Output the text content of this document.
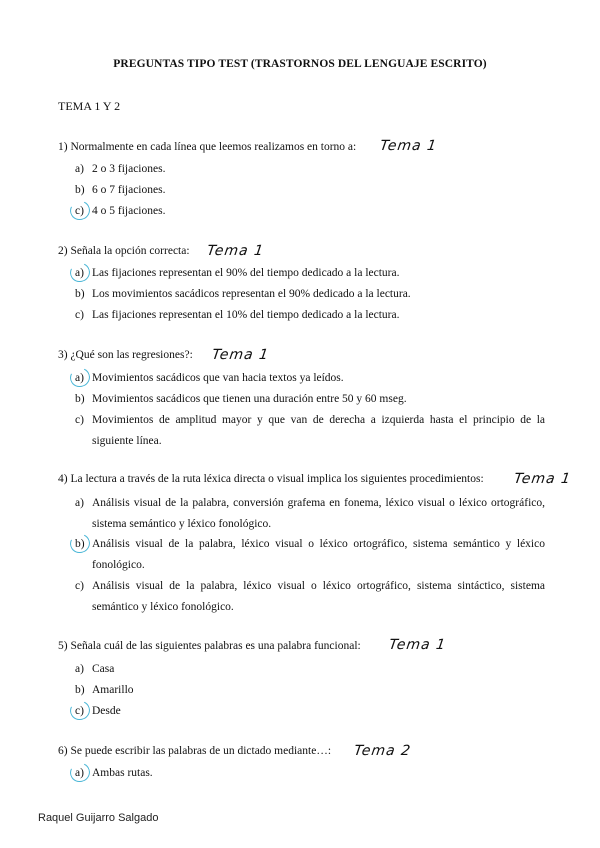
PREGUNTAS TIPO TEST (TRASTORNOS DEL LENGUAJE ESCRITO)
TEMA 1 Y 2
1) Normalmente en cada línea que leemos realizamos en torno a: Tema 1
a) 2 o 3 fijaciones.
b) 6 o 7 fijaciones.
c) 4 o 5 fijaciones.
2) Señala la opción correcta: Tema 1
a) Las fijaciones representan el 90% del tiempo dedicado a la lectura.
b) Los movimientos sacádicos representan el 90% dedicado a la lectura.
c) Las fijaciones representan el 10% del tiempo dedicado a la lectura.
3) ¿Qué son las regresiones?: Tema 1
a) Movimientos sacádicos que van hacia textos ya leídos.
b) Movimientos sacádicos que tienen una duración entre 50 y 60 mseg.
c) Movimientos de amplitud mayor y que van de derecha a izquierda hasta el principio de la siguiente línea.
4) La lectura a través de la ruta léxica directa o visual implica los siguientes procedimientos: Tema 1
a) Análisis visual de la palabra, conversión grafema en fonema, léxico visual o léxico ortográfico, sistema semántico y léxico fonológico.
b) Análisis visual de la palabra, léxico visual o léxico ortográfico, sistema semántico y léxico fonológico.
c) Análisis visual de la palabra, léxico visual o léxico ortográfico, sistema sintáctico, sistema semántico y léxico fonológico.
5) Señala cuál de las siguientes palabras es una palabra funcional: Tema 1
a) Casa
b) Amarillo
c) Desde
6) Se puede escribir las palabras de un dictado mediante…: Tema 2
a) Ambas rutas.
Raquel Guijarro Salgado
